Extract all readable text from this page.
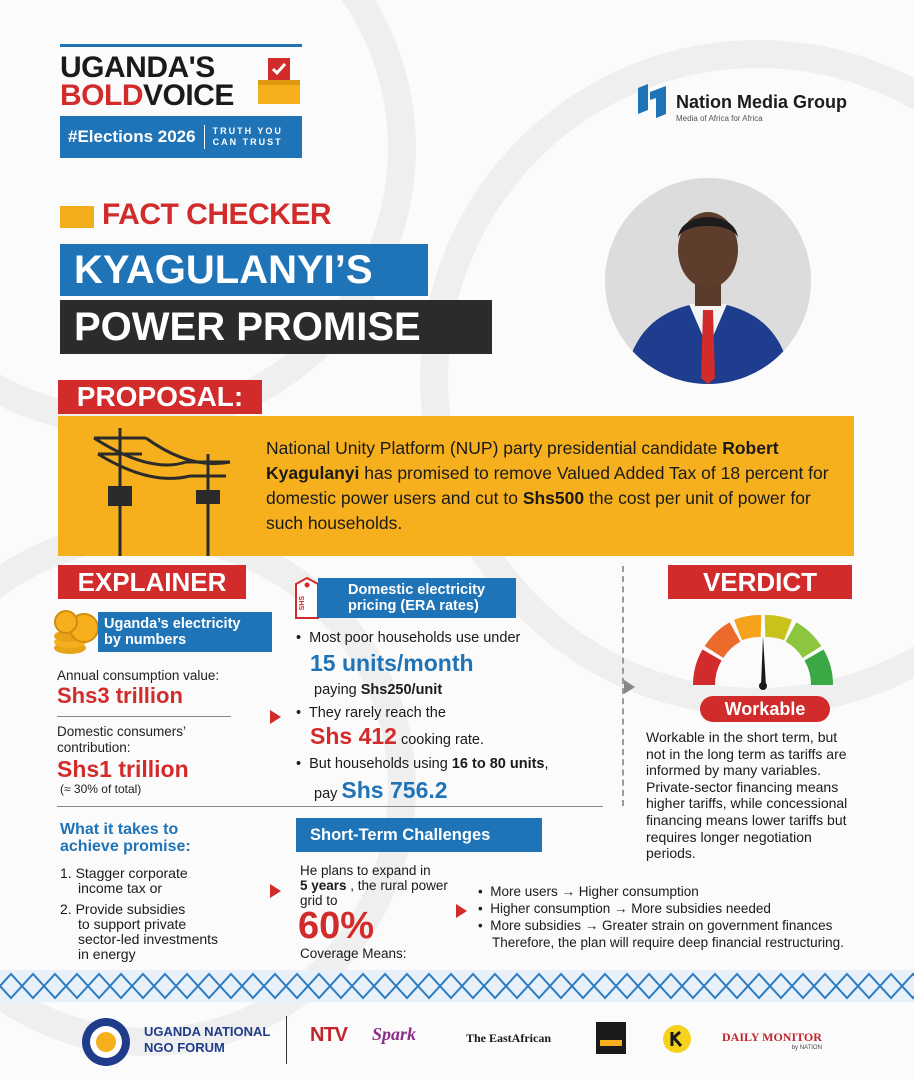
UGANDA'S
BOLDVOICE
#Elections 2026 TRUTH YOU
CAN TRUST
Nation Media Group
Media of Africa for Africa
FACT CHECKER
KYAGULANYI’S
POWER PROMISE
PROPOSAL:
National Unity Platform (NUP) party presidential candidate Robert Kyagulanyi has promised to remove Valued Added Tax of 18 percent for domestic power users and cut to Shs500 the cost per unit of power for such households.
EXPLAINER
Uganda’s electricity
by numbers
Annual consumption value:
Shs3 trillion
Domestic consumers’
contribution:
Shs1 trillion
(≈ 30% of total)
What it takes to
achieve promise:
1. Stagger corporate
income tax or
2. Provide subsidies
to support private
sector-led investments
in energy
SHS
Domestic electricity
pricing (ERA rates)
•  Most poor households use under
15 units/month
paying Shs250/unit
•  They rarely reach the
Shs 412 cooking rate.
•  But households using 16 to 80 units,
pay Shs 756.2
Short-Term Challenges
He plans to expand in
5 years , the rural power
grid to
60%
Coverage Means:
•  More users → Higher consumption
•  Higher consumption → More subsidies needed
•  More subsidies → Greater strain on government finances
Therefore, the plan will require deep financial restructuring.
VERDICT
Workable
Workable in the short term, but
not in the long term as tariffs are
informed by many variables.
Private-sector financing means
higher tariffs, while concessional
financing means lower tariffs but
requires longer negotiation
periods.
UGANDA NATIONAL
NGO FORUM
NTV Spark	The EastAfrican	DAILY MONITOR
by NATION
